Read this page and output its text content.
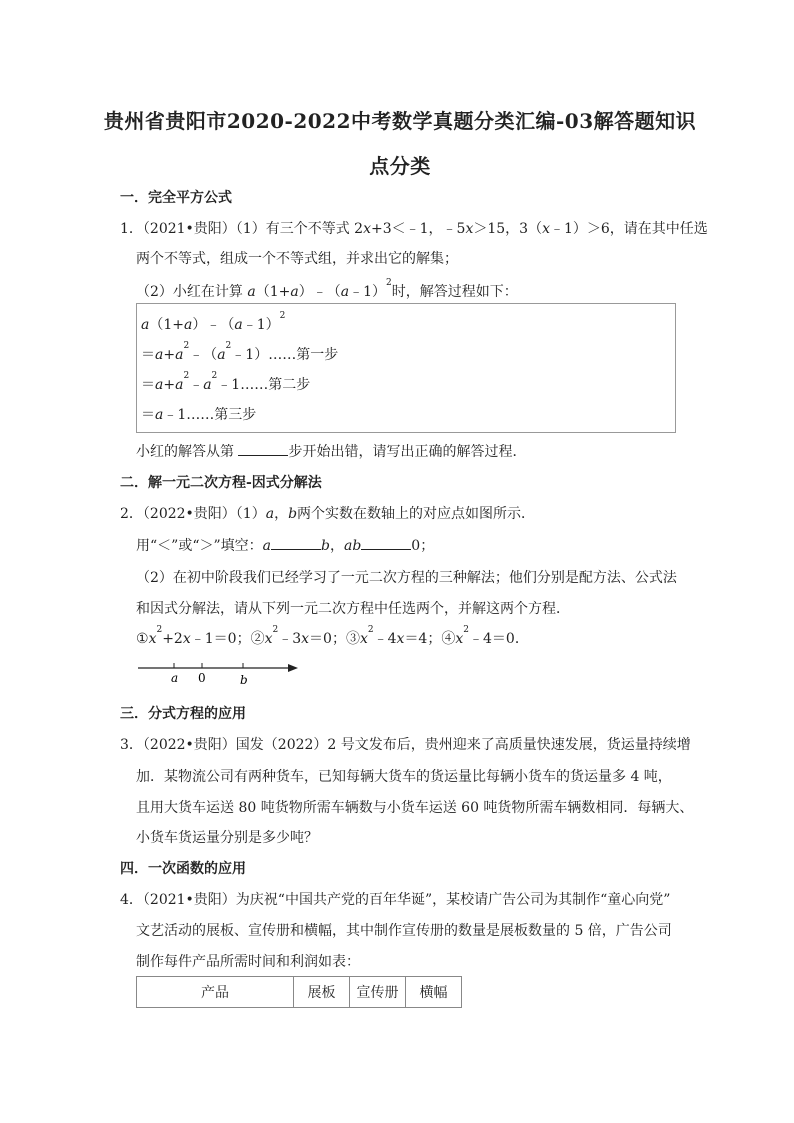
贵州省贵阳市2020-2022中考数学真题分类汇编-03解答题知识
点分类
一．完全平方公式
1．（2021•贵阳）（1）有三个不等式 2x+3＜﹣1，﹣5x＞15，3（x﹣1）＞6，请在其中任选
两个不等式，组成一个不等式组，并求出它的解集；
（2）小红在计算 a（1+a）﹣（a﹣1）$^2$时，解答过程如下：
a（1+a）﹣（a﹣1）$^2$
$=a+a^2﹣(a^2﹣1)\dots\dots$第一步
$=a+a^2﹣a^2﹣1\dots\dots$第二步
＝a﹣1……第三步
小红的解答从第	步开始出错，请写出正确的解答过程．
二．解一元二次方程-因式分解法
2．（2022•贵阳）（1）a，b两个实数在数轴上的对应点如图所示．
用“＜”或“＞”填空：a	b，ab	0；
（2）在初中阶段我们已经学习了一元二次方程的三种解法；他们分别是配方法、公式法
和因式分解法，请从下列一元二次方程中任选两个，并解这两个方程．
$①x^2+2x﹣1=0$；$②x^2﹣3x=0$；$③x^2﹣4x=4$；$④x^2﹣4=0$．
a 0	b
三．分式方程的应用
3．（2022•贵阳）国发（2022）2 号文发布后，贵州迎来了高质量快速发展，货运量持续增
加．某物流公司有两种货车，已知每辆大货车的货运量比每辆小货车的货运量多 4 吨，
且用大货车运送 80 吨货物所需车辆数与小货车运送 60 吨货物所需车辆数相同．每辆大、
小货车货运量分别是多少吨？
四．一次函数的应用
4．（2021•贵阳）为庆祝“中国共产党的百年华诞”，某校请广告公司为其制作“童心向党”
文艺活动的展板、宣传册和横幅，其中制作宣传册的数量是展板数量的 5 倍，广告公司
制作每件产品所需时间和利润如表：
产品	展板	宣传册	横幅
